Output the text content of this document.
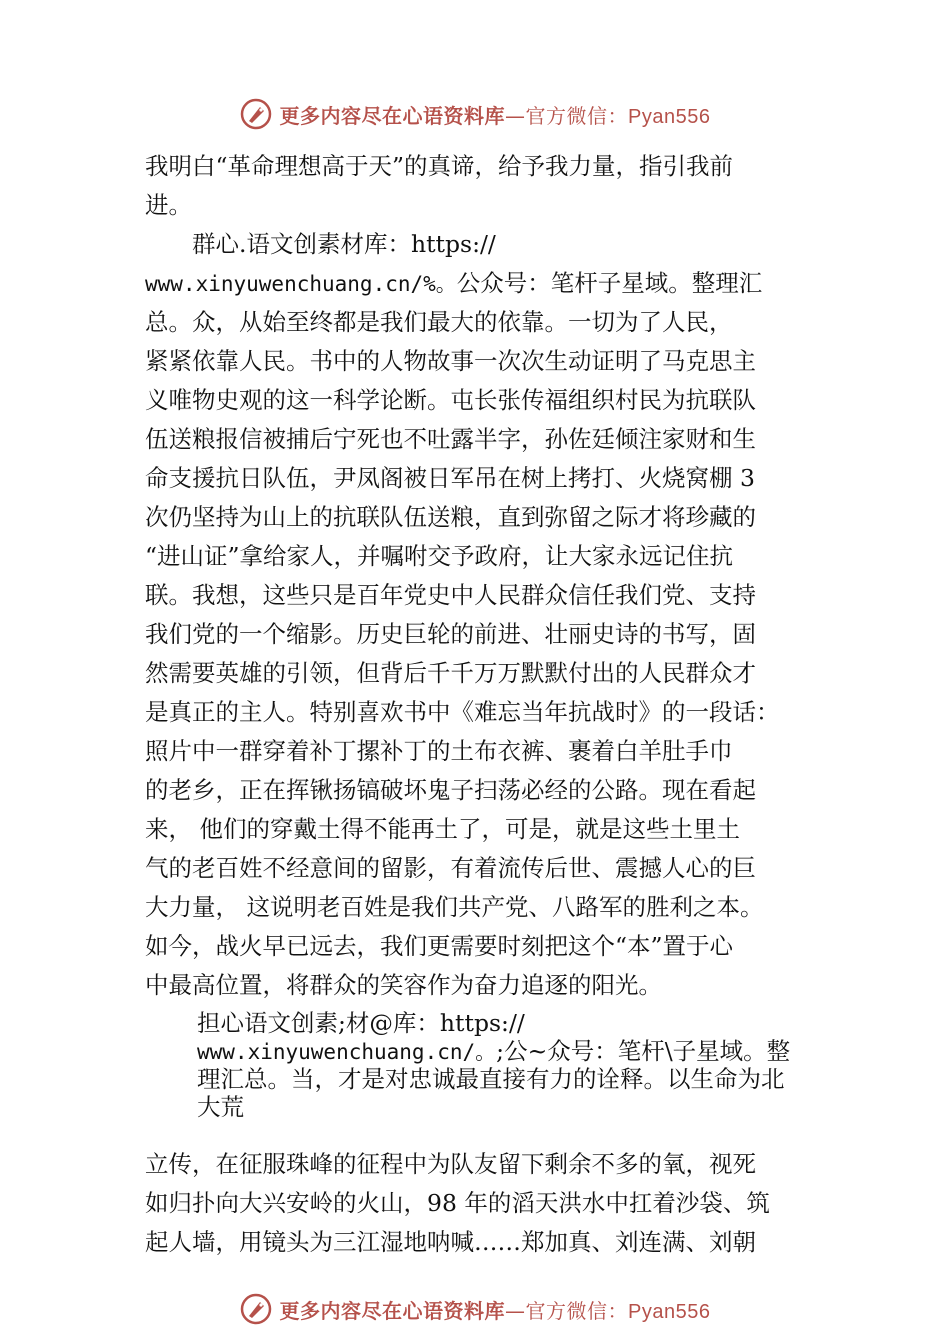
更多内容尽在心语资料库—官方微信：Pyan556
我明白“革命理想高于天”的真谛，给予我力量，指引我前
进。
群心.语文创素材库：https://
www.xinyuwenchuang.cn/%。公众号：笔杆子星域。整理汇
总。众，从始至终都是我们最大的依靠。一切为了人民，
紧紧依靠人民。书中的人物故事一次次生动证明了马克思主
义唯物史观的这一科学论断。屯长张传福组织村民为抗联队
伍送粮报信被捕后宁死也不吐露半字，孙佐廷倾注家财和生
命支援抗日队伍，尹凤阁被日军吊在树上拷打、火烧窝棚 3
次仍坚持为山上的抗联队伍送粮，直到弥留之际才将珍藏的
“进山证”拿给家人，并嘱咐交予政府，让大家永远记住抗
联。我想，这些只是百年党史中人民群众信任我们党、支持
我们党的一个缩影。历史巨轮的前进、壮丽史诗的书写，固
然需要英雄的引领，但背后千千万万默默付出的人民群众才
是真正的主人。特别喜欢书中《难忘当年抗战时》的一段话：
照片中一群穿着补丁摞补丁的土布衣裤、裹着白羊肚手巾
的老乡，正在挥锹扬镐破坏鬼子扫荡必经的公路。现在看起
来， 他们的穿戴土得不能再土了，可是，就是这些土里土
气的老百姓不经意间的留影，有着流传后世、震撼人心的巨
大力量， 这说明老百姓是我们共产党、八路军的胜利之本。
如今，战火早已远去，我们更需要时刻把这个“本”置于心
中最高位置，将群众的笑容作为奋力追逐的阳光。
担心语文创素;材@库：https://
www.xinyuwenchuang.cn/。;公~众号：笔杆\子星域。整
理汇总。当，才是对忠诚最直接有力的诠释。以生命为北
大荒
立传，在征服珠峰的征程中为队友留下剩余不多的氧，视死
如归扑向大兴安岭的火山，98 年的滔天洪水中扛着沙袋、筑
起人墙，用镜头为三江湿地呐喊……郑加真、刘连满、刘朝
更多内容尽在心语资料库—官方微信：Pyan556
